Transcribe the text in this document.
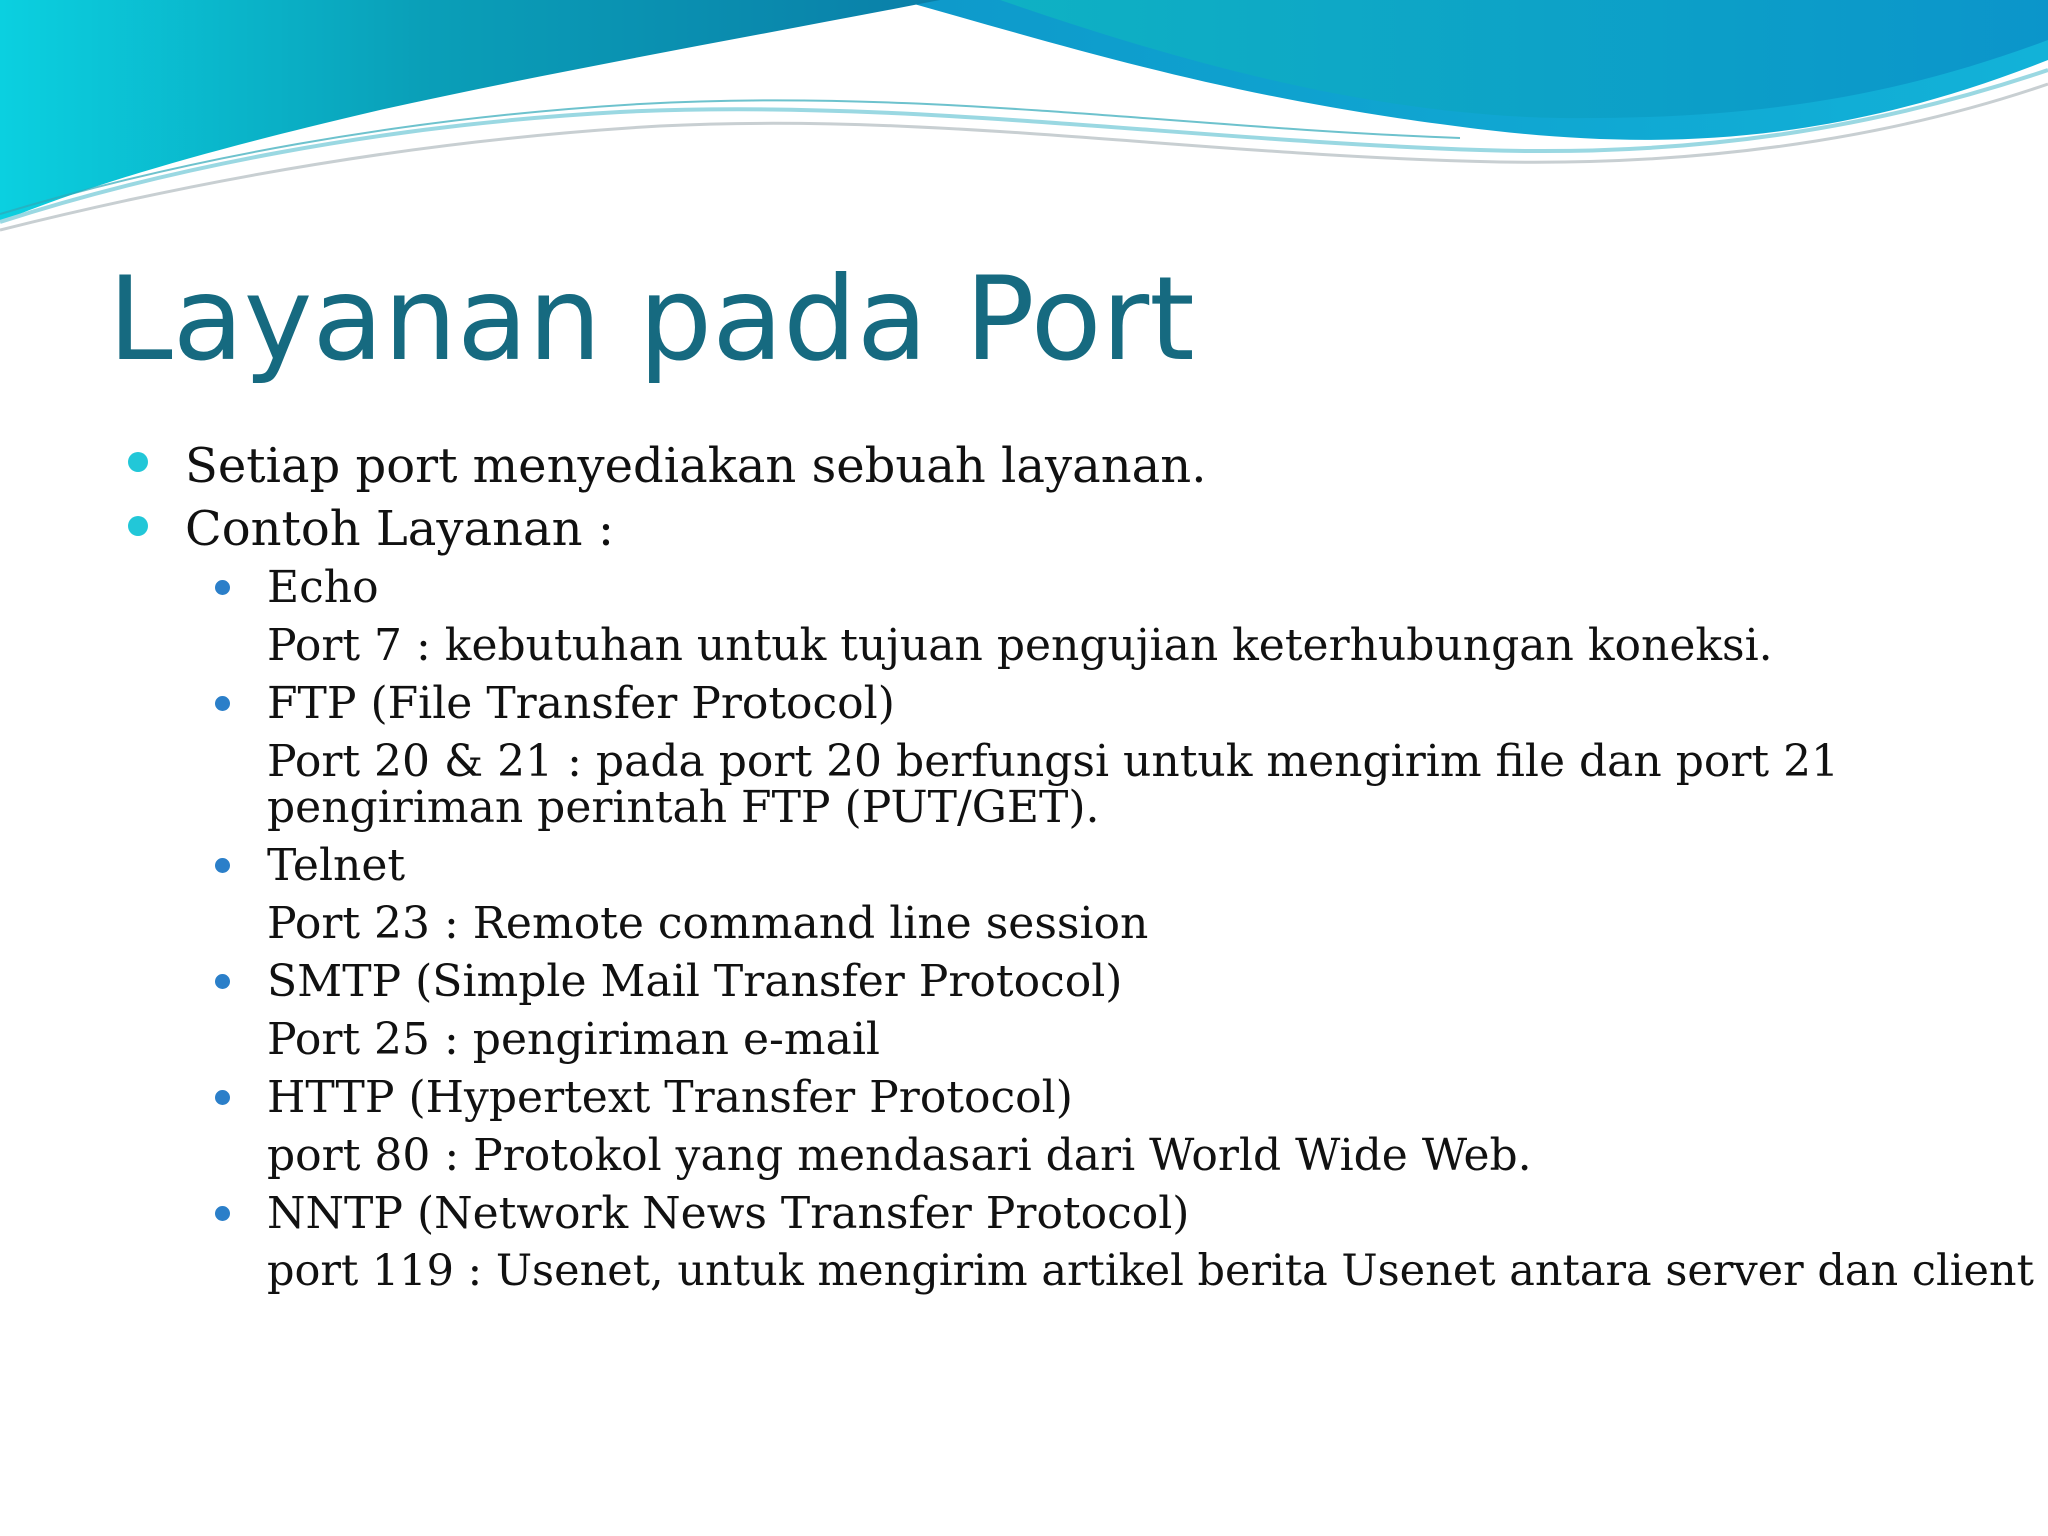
Layanan pada Port
Setiap port menyediakan sebuah layanan.
Contoh Layanan :
Echo
Port 7 : kebutuhan untuk tujuan pengujian keterhubungan koneksi.
FTP (File Transfer Protocol)
Port 20 & 21 : pada port 20 berfungsi untuk mengirim file dan port 21
pengiriman perintah FTP (PUT/GET).
Telnet
Port 23 : Remote command line session
SMTP (Simple Mail Transfer Protocol)
Port 25 : pengiriman e-mail
HTTP (Hypertext Transfer Protocol)
port 80 : Protokol yang mendasari dari World Wide Web.
NNTP (Network News Transfer Protocol)
port 119 : Usenet, untuk mengirim artikel berita Usenet antara server dan client
